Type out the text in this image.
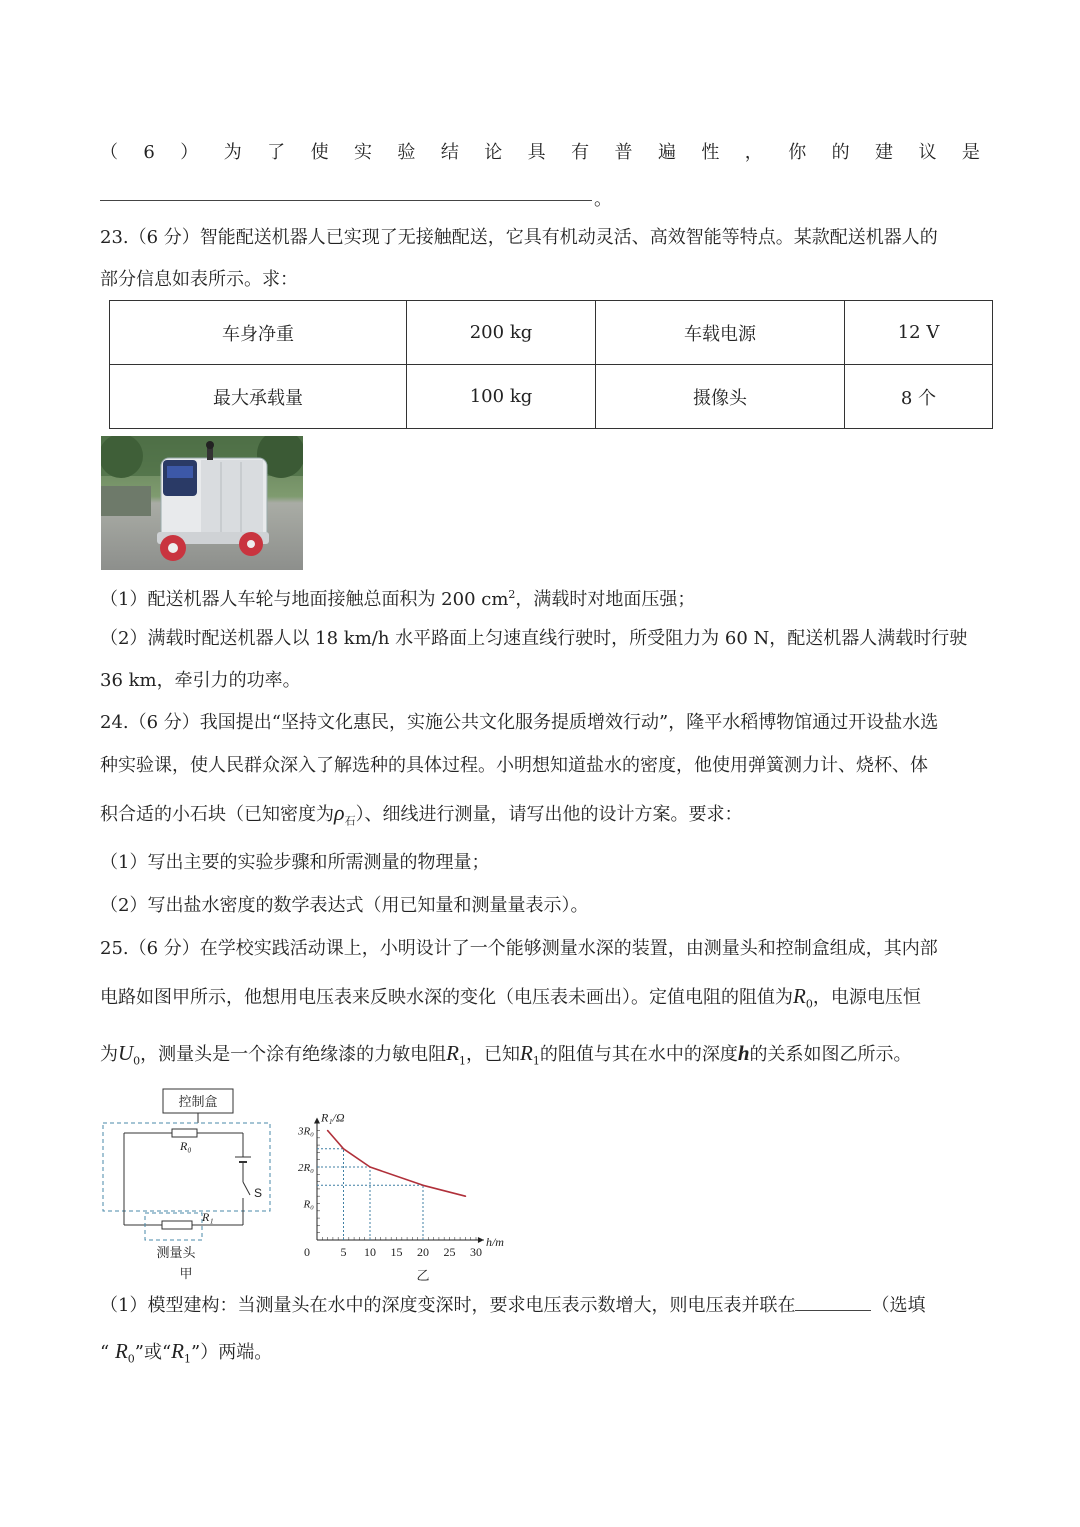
（ 6 ） 为 了 使 实 验 结 论 具 有 普 遍 性 ， 你 的 建 议 是
。
23.（6 分）智能配送机器人已实现了无接触配送，它具有机动灵活、高效智能等特点。某款配送机器人的
部分信息如表所示。求：
车身净重	200 kg	车载电源	12 V
最大承载量	100 kg	摄像头	8 个
（1）配送机器人车轮与地面接触总面积为 200 $cm^2$，满载时对地面压强；
（2）满载时配送机器人以 18 km/h 水平路面上匀速直线行驶时，所受阻力为 60 N，配送机器人满载时行驶
36 km，牵引力的功率。
24.（6 分）我国提出“坚持文化惠民，实施公共文化服务提质增效行动”，隆平水稻博物馆通过开设盐水选
种实验课，使人民群众深入了解选种的具体过程。小明想知道盐水的密度，他使用弹簧测力计、烧杯、体
积合适的小石块（已知密度为$\rho_石$）、细线进行测量，请写出他的设计方案。要求：
（1）写出主要的实验步骤和所需测量的物理量；
（2）写出盐水密度的数学表达式（用已知量和测量量表示）。
25.（6 分）在学校实践活动课上，小明设计了一个能够测量水深的装置，由测量头和控制盒组成，其内部
电路如图甲所示，他想用电压表来反映水深的变化（电压表未画出）。定值电阻的阻值为$R_0$，电源电压恒
为$U_0$，测量头是一个涂有绝缘漆的力敏电阻$R_1$，已知$R_1$的阻值与其在水中的深度h的关系如图乙所示。
控制盒
R₀
S
R₁
测量头
甲
R₁/Ω
h/m
0	5 10 15 20 25 30
R₀
2R₀
3R₀
乙
（1）模型建构：当测量头在水中的深度变深时，要求电压表示数增大，则电压表并联在	（选填
“ $R_0$”或“$R_1$”）两端。
